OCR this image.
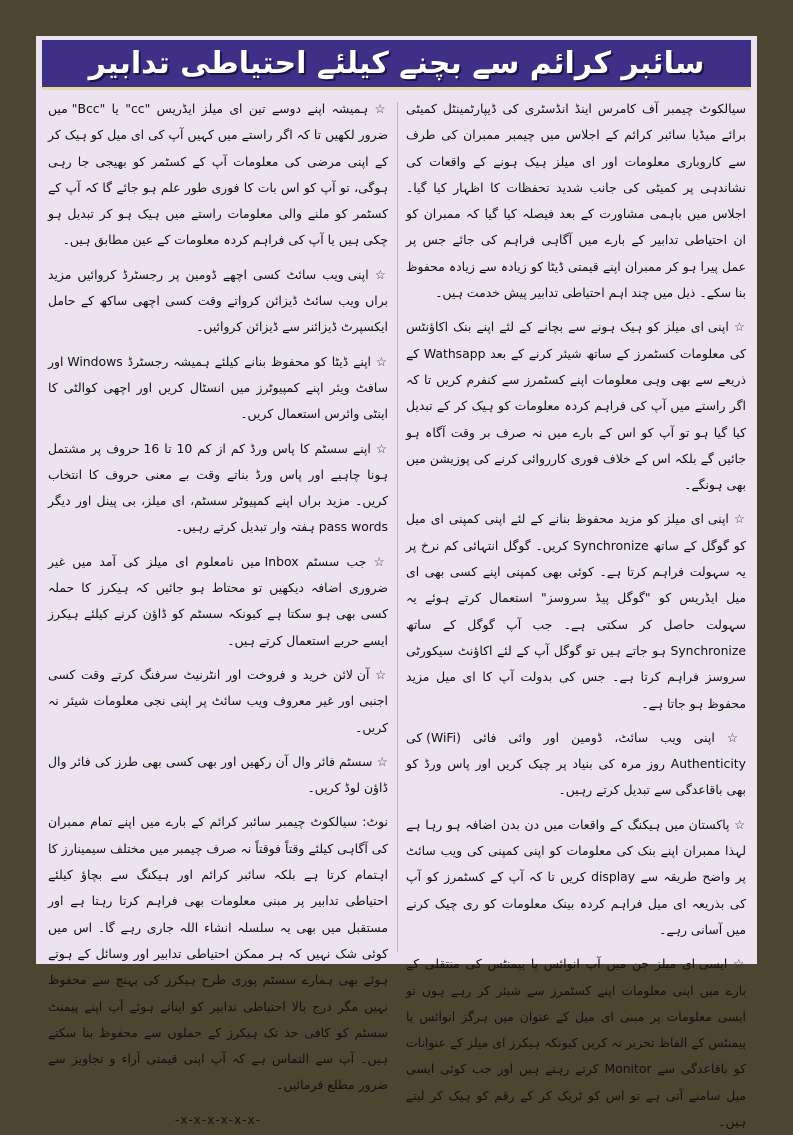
سائبر کرائم سے بچنے کیلئے احتیاطی تدابیر
سیالکوٹ چیمبر آف کامرس اینڈ انڈسٹری کی ڈیپارٹمینٹل کمیٹی برائے میڈیا سائبر کرائم کے اجلاس میں چیمبر ممبران کی طرف سے کاروباری معلومات اور ای میلز ہیک ہونے کے واقعات کی نشاندہی پر کمیٹی کی جانب شدید تحفظات کا اظہار کیا گیا۔ اجلاس میں باہمی مشاورت کے بعد فیصلہ کیا گیا کہ ممبران کو ان احتیاطی تدابیر کے بارے میں آگاہی فراہم کی جائے جس پر عمل پیرا ہو کر ممبران اپنے قیمتی ڈیٹا کو زیادہ سے زیادہ محفوظ بنا سکے۔ ذیل میں چند اہم احتیاطی تدابیر پیش خدمت ہیں۔
☆ اپنی ای میلز کو ہیک ہونے سے بچانے کے لئے اپنے بنک اکاؤنٹس کی معلومات کسٹمرز کے ساتھ شیئر کرنے کے بعد Wathsapp کے ذریعے سے بھی وہی معلومات اپنے کسٹمرز سے کنفرم کریں تا کہ اگر راستے میں آپ کی فراہم کردہ معلومات کو ہیک کر کے تبدیل کیا گیا ہو تو آپ کو اس کے بارے میں نہ صرف بر وقت آگاہ ہو جائیں گے بلکہ اس کے خلاف فوری کارروائی کرنے کی پوزیشن میں بھی ہونگے۔
☆ اپنی ای میلز کو مزید محفوظ بنانے کے لئے اپنی کمپنی ای میل کو گوگل کے ساتھ Synchronize کریں۔ گوگل انتہائی کم نرخ پر یہ سہولت فراہم کرتا ہے۔ کوئی بھی کمپنی اپنے کسی بھی ای میل ایڈریس کو "گوگل پیڈ سروسز" استعمال کرتے ہوئے یہ سہولت حاصل کر سکتی ہے۔ جب آپ گوگل کے ساتھ Synchronize ہو جاتے ہیں تو گوگل آپ کے لئے اکاؤنٹ سیکورٹی سروسز فراہم کرتا ہے۔ جس کی بدولت آپ کا ای میل مزید محفوظ ہو جاتا ہے۔
☆ اپنی ویب سائٹ، ڈومین اور وائی فائی (WiFi) کی Authenticity روز مرہ کی بنیاد پر چیک کریں اور پاس ورڈ کو بھی باقاعدگی سے تبدیل کرتے رہیں۔
☆ پاکستان میں ہیکنگ کے واقعات میں دن بدن اضافہ ہو رہا ہے لہذا ممبران اپنے بنک کی معلومات کو اپنی کمپنی کی ویب سائٹ پر واضح طریقہ سے display کریں تا کہ آپ کے کسٹمرز کو آپ کی بذریعہ ای میل فراہم کردہ بینک معلومات کو ری چیک کرنے میں آسانی رہے۔
☆ ایسی ای میلز جن میں آپ انوائس یا پیمنٹس کی منتقلی کے بارے میں اپنی معلومات اپنے کسٹمرز سے شیئر کر رہے ہوں تو ایسی معلومات پر مبنی ای میل کے عنوان میں ہرگز انوائس یا پیمنٹس کے الفاظ تحریر نہ کریں کیونکہ ہیکرز ای میلز کے عنوانات کو باقاعدگی سے Monitor کرتے رہتے ہیں اور جب کوئی ایسی میل سامنے آتی ہے تو اس کو ٹریک کر کے رقم کو ہیک کر لیتے ہیں۔
☆ ہمیشہ اپنے دوسے تین ای میلز ایڈریس "cc" یا "Bcc" میں ضرور لکھیں تا کہ اگر راستے میں کہیں آپ کی ای میل کو ہیک کر کے اپنی مرضی کی معلومات آپ کے کسٹمر کو بھیجی جا رہی ہوگی، تو آپ کو اس بات کا فوری طور علم ہو جائے گا کہ آپ کے کسٹمر کو ملنے والی معلومات راستے میں ہیک ہو کر تبدیل ہو چکی ہیں یا آپ کی فراہم کردہ معلومات کے عین مطابق ہیں۔
☆ اپنی ویب سائٹ کسی اچھے ڈومین پر رجسٹرڈ کروائیں مزید براں ویب سائٹ ڈیزائن کرواتے وقت کسی اچھی ساکھ کے حامل ایکسپرٹ ڈیزائنر سے ڈیزائن کروائیں۔
☆ اپنے ڈیٹا کو محفوظ بنانے کیلئے ہمیشہ رجسٹرڈ Windows اور سافٹ ویئر اپنے کمپیوٹرز میں انسٹال کریں اور اچھی کوالٹی کا اینٹی وائرس استعمال کریں۔
☆ اپنے سسٹم کا پاس ورڈ کم از کم 10 تا 16 حروف پر مشتمل ہونا چاہیے اور پاس ورڈ بناتے وقت بے معنی حروف کا انتخاب کریں۔ مزید براں اپنے کمپیوٹر سسٹم، ای میلز، بی پینل اور دیگر pass words ہفتہ وار تبدیل کرتے رہیں۔
☆ جب سسٹم Inbox میں نامعلوم ای میلز کی آمد میں غیر ضروری اضافہ دیکھیں تو محتاط ہو جائیں کہ ہیکرز کا حملہ کسی بھی ہو سکتا ہے کیونکہ سسٹم کو ڈاؤن کرنے کیلئے ہیکرز ایسے حربے استعمال کرتے ہیں۔
☆ آن لائن خرید و فروخت اور انٹرنیٹ سرفنگ کرتے وقت کسی اجنبی اور غیر معروف ویب سائٹ پر اپنی نجی معلومات شیئر نہ کریں۔
☆ سسٹم فائر وال آن رکھیں اور بھی کسی بھی طرز کی فائر وال ڈاؤن لوڈ کریں۔
نوٹ: سیالکوٹ چیمبر سائبر کرائم کے بارے میں اپنے تمام ممبران کی آگاہی کیلئے وقتاً فوقتاً نہ صرف چیمبر میں مختلف سیمینارز کا اہتمام کرتا ہے بلکہ سائبر کرائم اور ہیکنگ سے بچاؤ کیلئے احتیاطی تدابیر پر مبنی معلومات بھی فراہم کرتا رہتا ہے اور مستقبل میں بھی یہ سلسلہ انشاء اللہ جاری رہے گا۔ اس میں کوئی شک نہیں کہ ہر ممکن احتیاطی تدابیر اور وسائل کے ہوتے ہوئے بھی ہمارے سسٹم پوری طرح ہیکرز کی پہنچ سے محفوظ نہیں مگر درج بالا احتیاطی تدابیر کو اپناتے ہوئے آپ اپنے پیمنٹ سسٹم کو کافی حد تک ہیکرز کے حملوں سے محفوظ بنا سکتے ہیں۔ آپ سے التماس ہے کہ آپ اپنی قیمتی آراء و تجاویز سے ضرور مطلع فرمائیں۔
-x-x-x-x-x-x-
